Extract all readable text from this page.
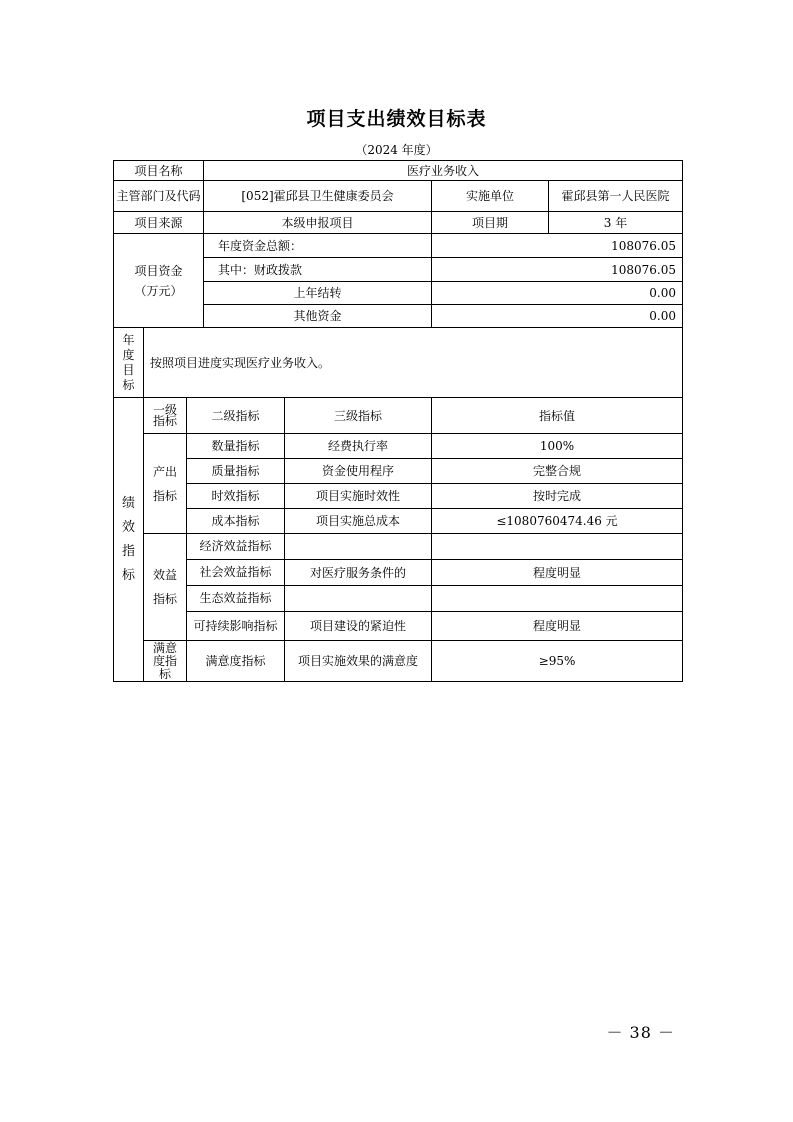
项目支出绩效目标表
（2024 年度）
项目名称			医疗业务收入			
主管部门及代码			[052]霍邱县卫生健康委员会		实施单位	霍邱县第一人民医院
项目来源			本级申报项目		项目期	3 年

项目资金
（万元）			年度资金总额：		108076.05	
			其中：财政拨款		108076.05	
			上年结转		0.00	
			其他资金		0.00	
年度目标	按照项目进度实现医疗业务收入。					
绩效指标	一级指标	二级指标		三级指标	指标值	
	产出指标	数量指标		经费执行率	100%	
		质量指标		资金使用程序	完整合规	
		时效指标		项目实施时效性	按时完成	
		成本指标		项目实施总成本	≤1080760474.46 元	
	效益指标	经济效益指标				
		社会效益指标		对医疗服务条件的	程度明显	
		生态效益指标				
		可持续影响指标		项目建设的紧迫性	程度明显	
	满意度指标	满意度指标		项目实施效果的满意度	≥95%	
－ 38 －
